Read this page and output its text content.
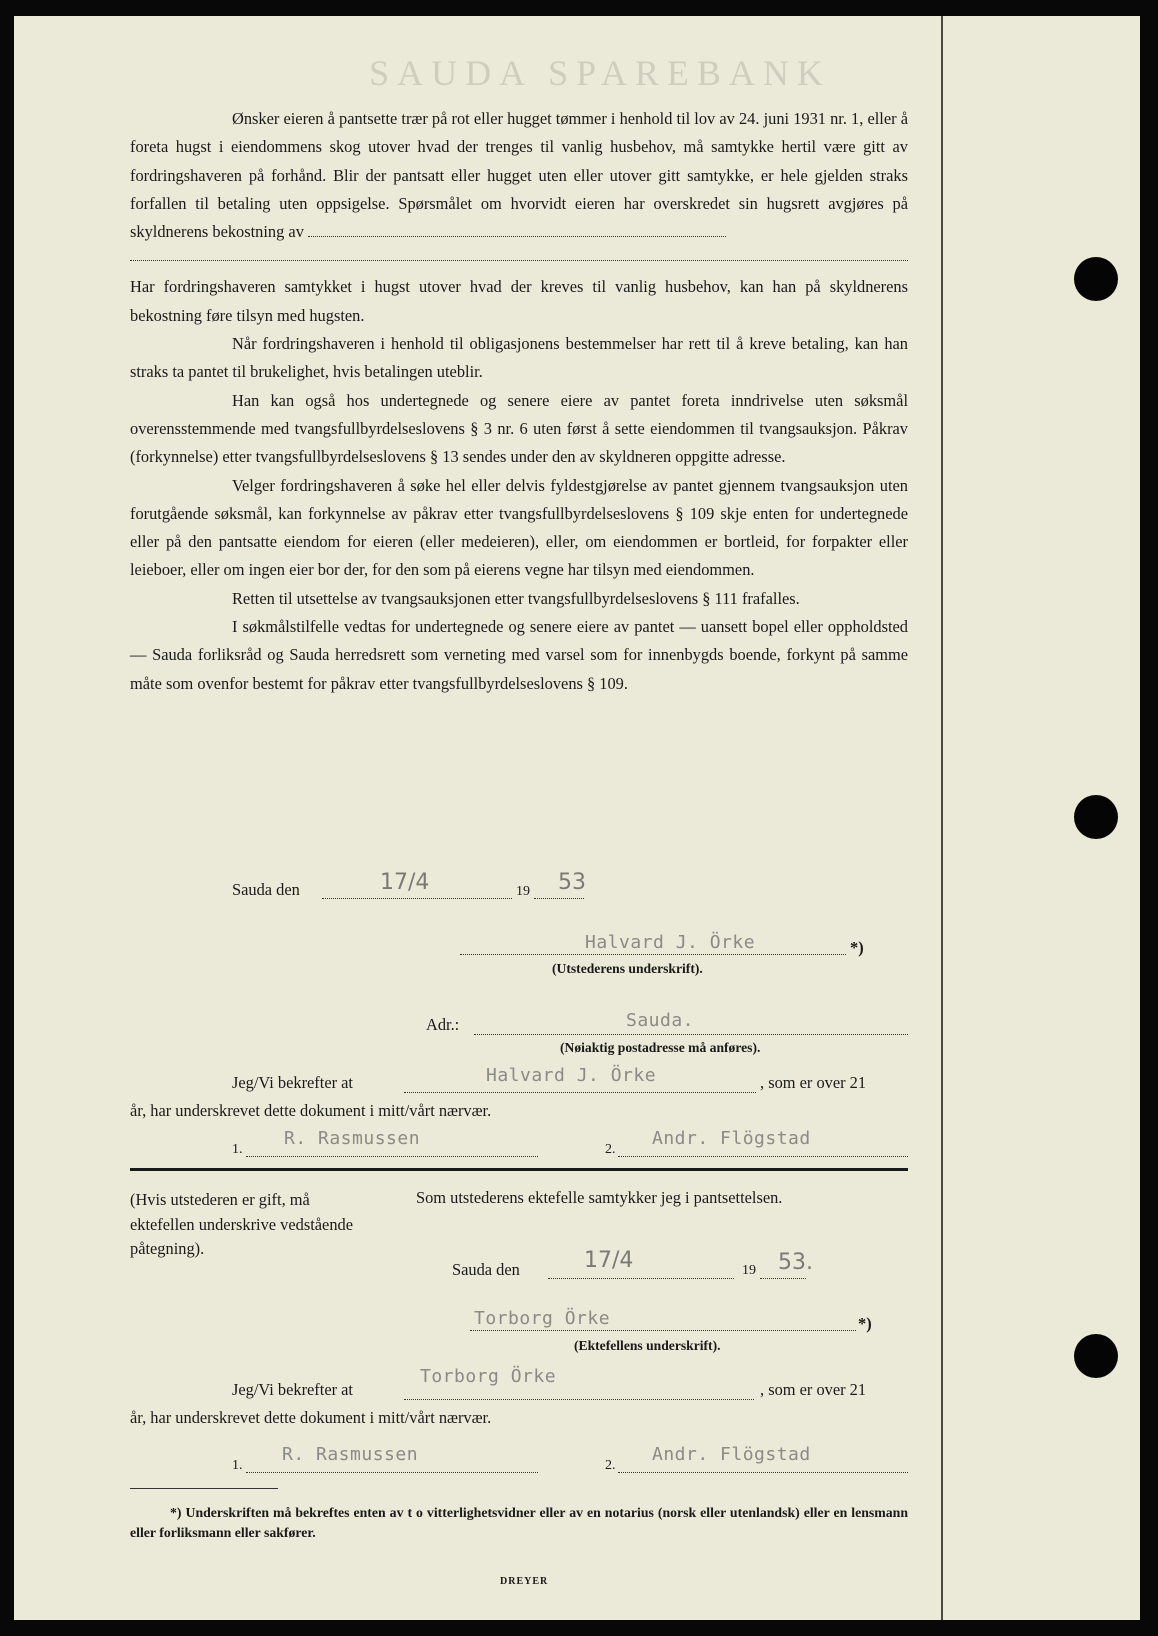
SAUDA SPAREBANK

Ønsker eieren å pantsette trær på rot eller hugget tømmer i henhold til lov av 24. juni 1931 nr. 1, eller å foreta hugst i eiendommens skog utover hvad der trenges til vanlig husbehov, må samtykke hertil være gitt av fordringshaveren på forhånd. Blir der pantsatt eller hugget uten eller utover gitt samtykke, er hele gjelden straks forfallen til betaling uten oppsigelse. Spørsmålet om hvorvidt eieren har overskredet sin hugsrett avgjøres på skyldnerens bekostning av

Har fordringshaveren samtykket i hugst utover hvad der kreves til vanlig husbehov, kan han på skyldnerens bekostning føre tilsyn med hugsten.

Når fordringshaveren i henhold til obligasjonens bestemmelser har rett til å kreve betaling, kan han straks ta pantet til brukelighet, hvis betalingen uteblir.

Han kan også hos undertegnede og senere eiere av pantet foreta inndrivelse uten søksmål overensstemmende med tvangsfullbyrdelseslovens § 3 nr. 6 uten først å sette eiendommen til tvangsauksjon. Påkrav (forkynnelse) etter tvangsfullbyrdelseslovens § 13 sendes under den av skyldneren oppgitte adresse.

Velger fordringshaveren å søke hel eller delvis fyldestgjørelse av pantet gjennem tvangsauksjon uten forutgående søksmål, kan forkynnelse av påkrav etter tvangsfullbyrdelseslovens § 109 skje enten for undertegnede eller på den pantsatte eiendom for eieren (eller medeieren), eller, om eiendommen er bortleid, for forpakter eller leieboer, eller om ingen eier bor der, for den som på eierens vegne har tilsyn med eiendommen.

Retten til utsettelse av tvangsauksjonen etter tvangsfullbyrdelseslovens § 111 frafalles.

I søkmålstilfelle vedtas for undertegnede og senere eiere av pantet — uansett bopel eller oppholdsted — Sauda forliksråd og Sauda herredsrett som verneting med varsel som for innenbygds boende, forkynt på samme måte som ovenfor bestemt for påkrav etter tvangsfullbyrdelseslovens § 109.

Sauda den	17/4	19 53
Halvard J. Örke	*)
(Utstederens underskrift).
Adr.:	Sauda.
(Nøiaktig postadresse må anføres).
Jeg/Vi bekrefter at	Halvard J. Örke	, som er over 21
år, har underskrevet dette dokument i mitt/vårt nærvær.
1.
R. Rasmussen
2.
Andr. Flögstad
(Hvis utstederen er gift, må ektefellen underskrive vedstående påtegning).
Som utstederens ektefelle samtykker jeg i pantsettelsen.
Sauda den	17/4	19 53.
Torborg Örke	*)
(Ektefellens underskrift).
Jeg/Vi bekrefter at
Torborg Örke
, som er over 21
år, har underskrevet dette dokument i mitt/vårt nærvær.
1.
R. Rasmussen
2.
Andr. Flögstad
*) Underskriften må bekreftes enten av t o vitterlighetsvidner eller av en notarius (norsk eller utenlandsk) eller en lensmann eller forliksmann eller sakfører.
DREYER
